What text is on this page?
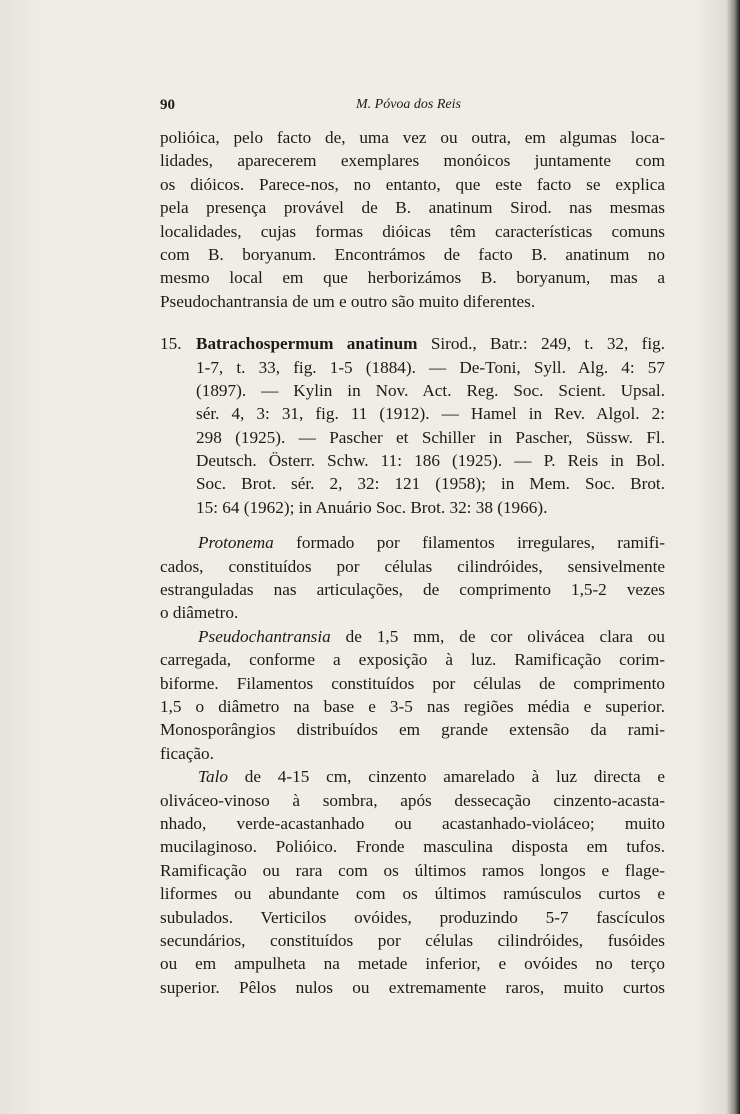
90	M. Póvoa dos Reis
polióica, pelo facto de, uma vez ou outra, em algumas loca-
lidades, aparecerem exemplares monóicos juntamente com
os dióicos. Parece-nos, no entanto, que este facto se explica
pela presença provável de B. anatinum Sirod. nas mesmas
localidades, cujas formas dióicas têm características comuns
com B. boryanum. Encontrámos de facto B. anatinum no
mesmo local em que herborizámos B. boryanum, mas a
Pseudochantransia de um e outro são muito diferentes.
15. Batrachospermum anatinum Sirod., Batr.: 249, t. 32, fig.
1-7, t. 33, fig. 1-5 (1884). — De-Toni, Syll. Alg. 4: 57
(1897). — Kylin in Nov. Act. Reg. Soc. Scient. Upsal.
sér. 4, 3: 31, fig. 11 (1912). — Hamel in Rev. Algol. 2:
298 (1925). — Pascher et Schiller in Pascher, Süssw. Fl.
Deutsch. Österr. Schw. 11: 186 (1925). — P. Reis in Bol.
Soc. Brot. sér. 2, 32: 121 (1958); in Mem. Soc. Brot.
15: 64 (1962); in Anuário Soc. Brot. 32: 38 (1966).
Protonema formado por filamentos irregulares, ramifi-
cados, constituídos por células cilindróides, sensivelmente
estranguladas nas articulações, de comprimento 1,5-2 vezes
o diâmetro.
Pseudochantransia de 1,5 mm, de cor olivácea clara ou
carregada, conforme a exposição à luz. Ramificação corim-
biforme. Filamentos constituídos por células de comprimento
1,5 o diâmetro na base e 3-5 nas regiões média e superior.
Monosporângios distribuídos em grande extensão da rami-
ficação.
Talo de 4-15 cm, cinzento amarelado à luz directa e
oliváceo-vinoso à sombra, após dessecação cinzento-acasta-
nhado, verde-acastanhado ou acastanhado-violáceo; muito
mucilaginoso. Polióico. Fronde masculina disposta em tufos.
Ramificação ou rara com os últimos ramos longos e flage-
liformes ou abundante com os últimos ramúsculos curtos e
subulados. Verticilos ovóides, produzindo 5-7 fascículos
secundários, constituídos por células cilindróides, fusóides
ou em ampulheta na metade inferior, e ovóides no terço
superior. Pêlos nulos ou extremamente raros, muito curtos
